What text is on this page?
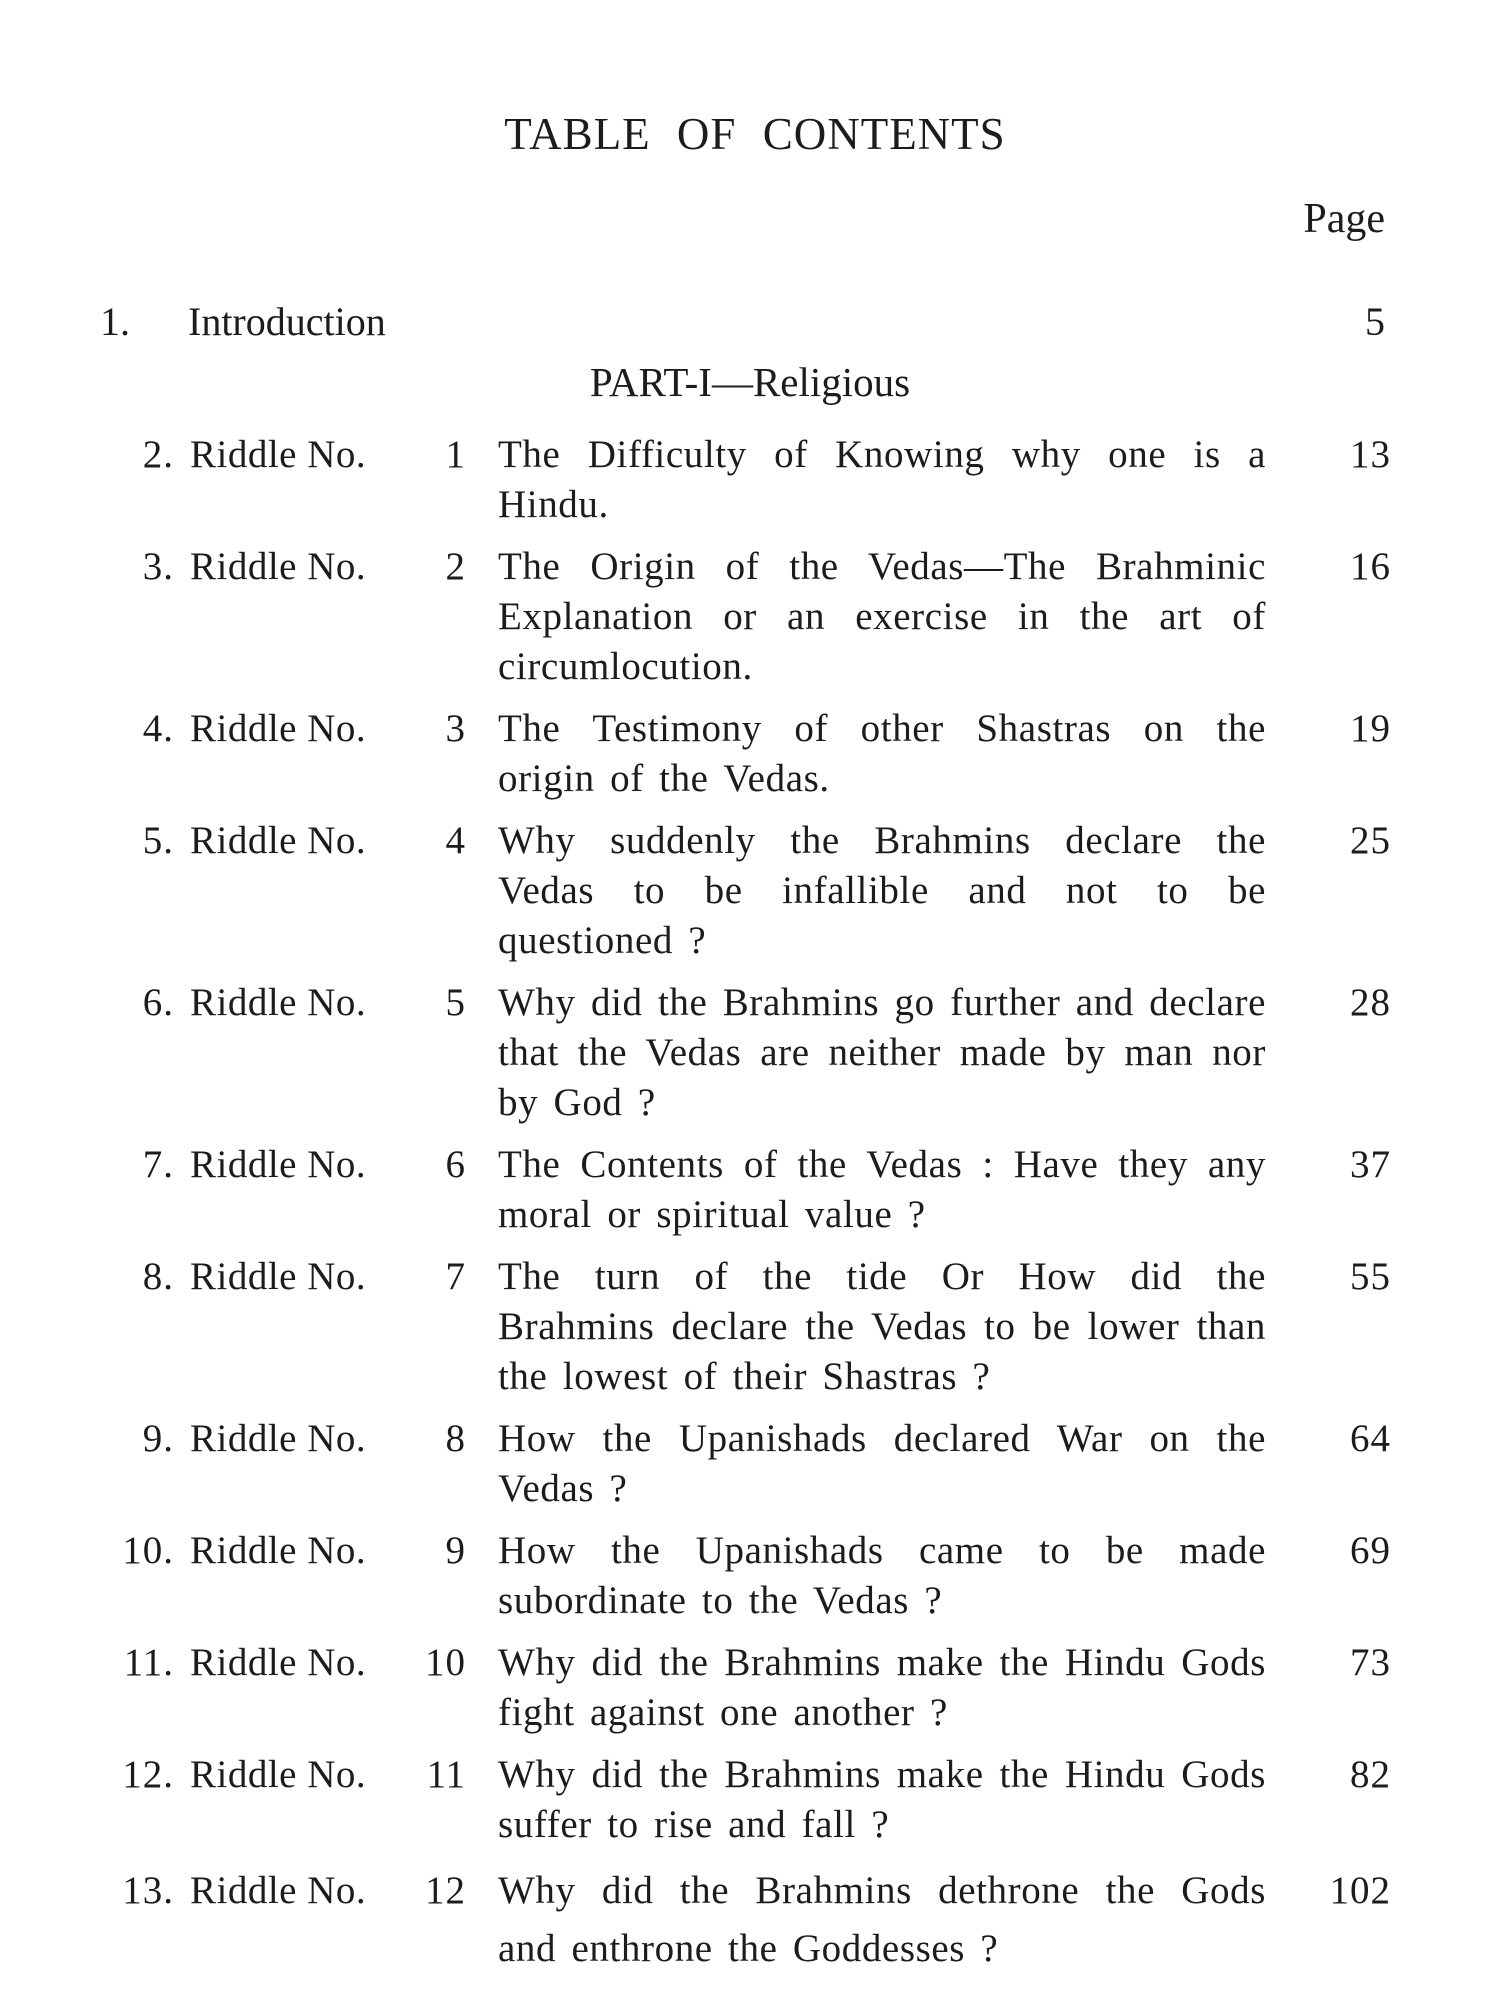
TABLE OF CONTENTS
Page
1.	Introduction	5
PART-I—Religious
2. Riddle No.	1 The Difficulty of Knowing why one is a Hindu.
13
3. Riddle No.	2 The Origin of the Vedas—The Brahminic Explanation or an exercise in the art of circumlocution.
16
4. Riddle No.	3 The Testimony of other Shastras on the origin of the Vedas.
19
5. Riddle No.	4 Why suddenly the Brahmins declare the Vedas to be infallible and not to be questioned ?
25
6. Riddle No.	5 Why did the Brahmins go further and declare that the Vedas are neither made by man nor by God ?
28
7. Riddle No.	6 The Contents of the Vedas : Have they any moral or spiritual value ?
37
8. Riddle No.	7 The turn of the tide Or How did the Brahmins declare the Vedas to be lower than the lowest of their Shastras ?
55
9. Riddle No.	8 How the Upanishads declared War on the Vedas ?
64
10. Riddle No.	9 How the Upanishads came to be made subordinate to the Vedas ?
69
11. Riddle No.	10 Why did the Brahmins make the Hindu Gods fight against one another ?
73
12. Riddle No.	11 Why did the Brahmins make the Hindu Gods suffer to rise and fall ?
82
13. Riddle No.	12 Why did the Brahmins dethrone the Gods and enthrone the Goddesses ?
102
